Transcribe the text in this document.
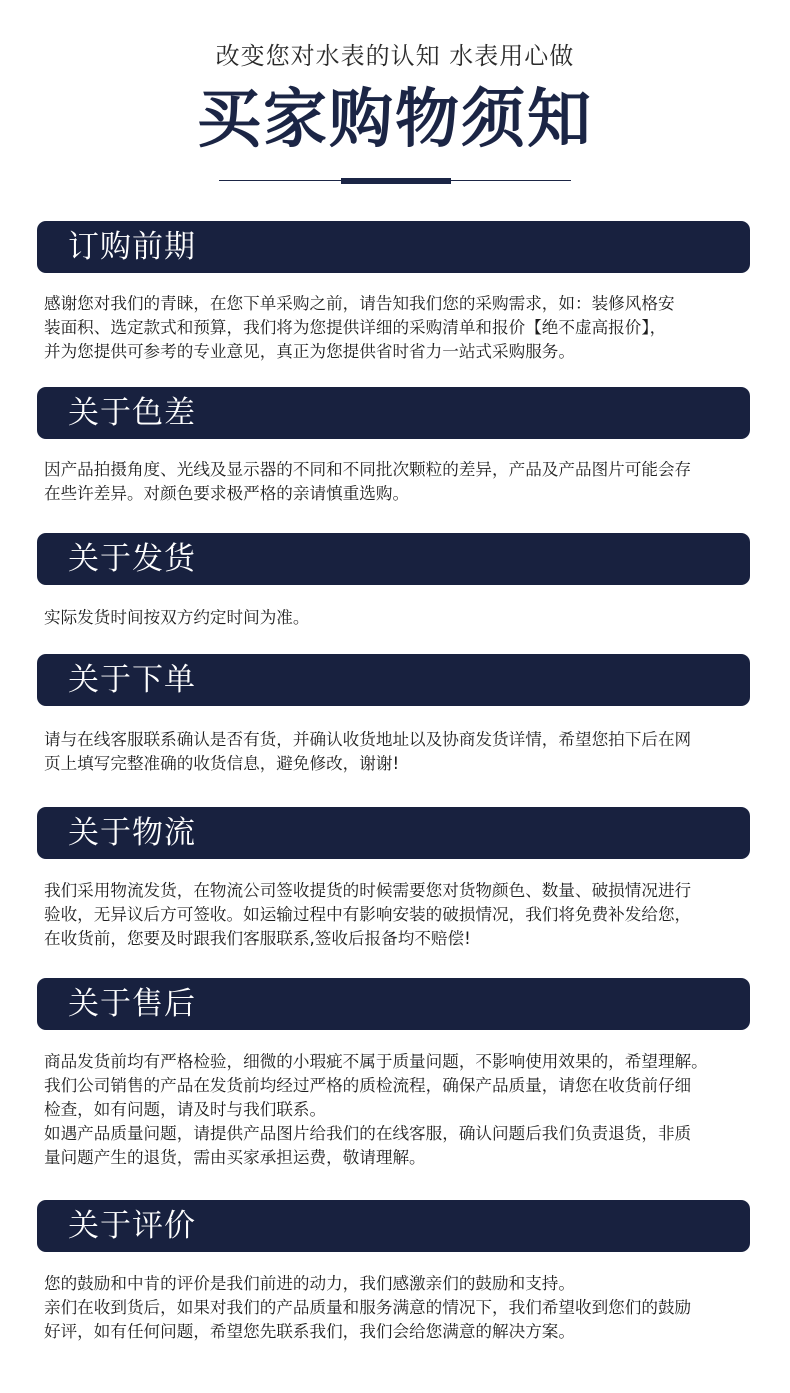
改变您对水表的认知 水表用心做
买家购物须知
订购前期

感谢您对我们的青睐，在您下单采购之前，请告知我们您的采购需求，如：装修风格安

装面积、选定款式和预算，我们将为您提供详细的采购清单和报价【绝不虚高报价】，

并为您提供可参考的专业意见，真正为您提供省时省力一站式采购服务。

关于色差

因产品拍摄角度、光线及显示器的不同和不同批次颗粒的差异，产品及产品图片可能会存

在些许差异。对颜色要求极严格的亲请慎重选购。

关于发货

实际发货时间按双方约定时间为准。

关于下单

请与在线客服联系确认是否有货，并确认收货地址以及协商发货详情，希望您拍下后在网

页上填写完整准确的收货信息，避免修改，谢谢!

关于物流

我们采用物流发货，在物流公司签收提货的时候需要您对货物颜色、数量、破损情况进行

验收，无异议后方可签收。如运输过程中有影响安装的破损情况，我们将免费补发给您，

在收货前，您要及时跟我们客服联系,签收后报备均不赔偿!

关于售后

商品发货前均有严格检验，细微的小瑕疵不属于质量问题，不影响使用效果的，希望理解。

我们公司销售的产品在发货前均经过严格的质检流程，确保产品质量，请您在收货前仔细

检查，如有问题，请及时与我们联系。

如遇产品质量问题，请提供产品图片给我们的在线客服，确认问题后我们负责退货，非质

量问题产生的退货，需由买家承担运费，敬请理解。

关于评价

您的鼓励和中肯的评价是我们前进的动力，我们感激亲们的鼓励和支持。

亲们在收到货后，如果对我们的产品质量和服务满意的情况下，我们希望收到您们的鼓励

好评，如有任何问题，希望您先联系我们，我们会给您满意的解决方案。
